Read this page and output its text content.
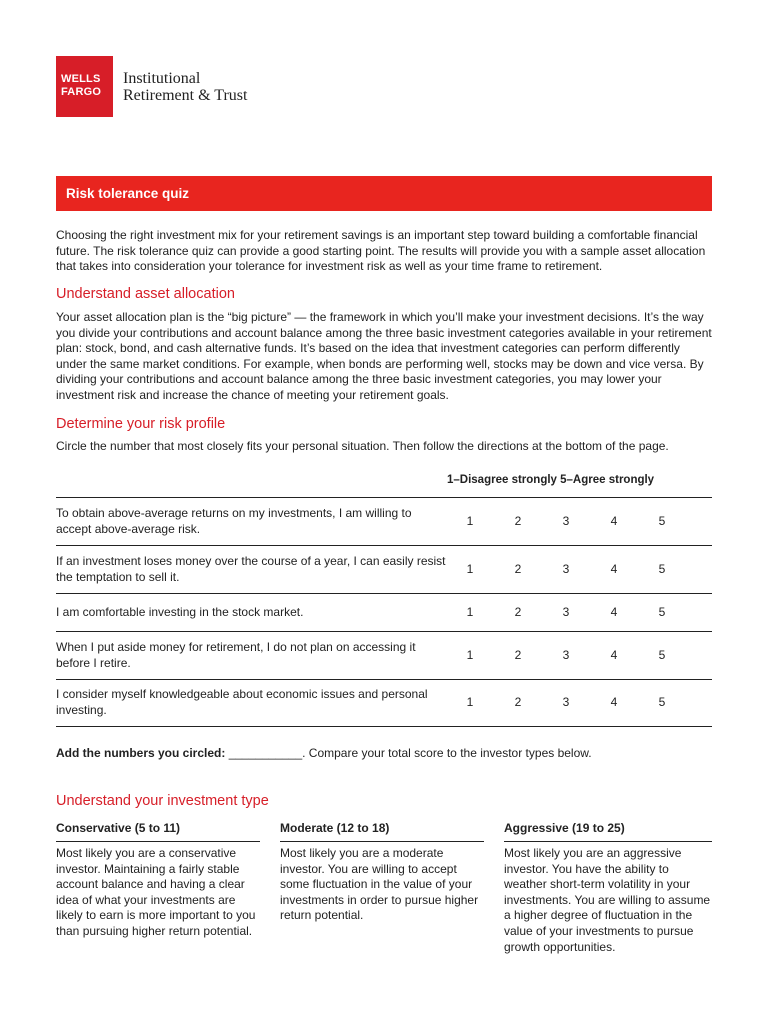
WELLS
FARGO
Institutional
Retirement & Trust
Risk tolerance quiz

Choosing the right investment mix for your retirement savings is an important step toward building a comfortable financial future. The risk tolerance quiz can provide a good starting point. The results will provide you with a sample asset allocation that takes into consideration your tolerance for investment risk as well as your time frame to retirement.

Understand asset allocation

Your asset allocation plan is the “big picture” — the framework in which you’ll make your investment decisions. It’s the way you divide your contributions and account balance among the three basic investment categories available in your retirement plan: stock, bond, and cash alternative funds. It’s based on the idea that investment categories can perform differently under the same market conditions. For example, when bonds are performing well, stocks may be down and vice versa. By dividing your contributions and account balance among the three basic investment categories, you may lower your investment risk and increase the chance of meeting your retirement goals.

Determine your risk profile

Circle the number that most closely fits your personal situation. Then follow the directions at the bottom of the page.

1–Disagree strongly 5–Agree strongly
To obtain above-average returns on my investments, I am willing to accept above-average risk.
1	2	3	4	5
If an investment loses money over the course of a year, I can easily resist the temptation to sell it.
1	2	3	4	5
I am comfortable investing in the stock market.	1	2	3	4	5
When I put aside money for retirement, I do not plan on accessing it before I retire.
1	2	3	4	5
I consider myself knowledgeable about economic issues and personal investing.
1	2	3	4	5
Add the numbers you circled: ___________. Compare your total score to the investor types below.
Understand your investment type
Conservative (5 to 11)
Most likely you are a conservative investor. Maintaining a fairly stable account balance and having a clear idea of what your investments are likely to earn is more important to you than pursuing higher return potential.
Moderate (12 to 18)
Most likely you are a moderate investor. You are willing to accept some fluctuation in the value of your investments in order to pursue higher return potential.
Aggressive (19 to 25)
Most likely you are an aggressive investor. You have the ability to weather short-term volatility in your investments. You are willing to assume a higher degree of fluctuation in the value of your investments to pursue growth opportunities.
